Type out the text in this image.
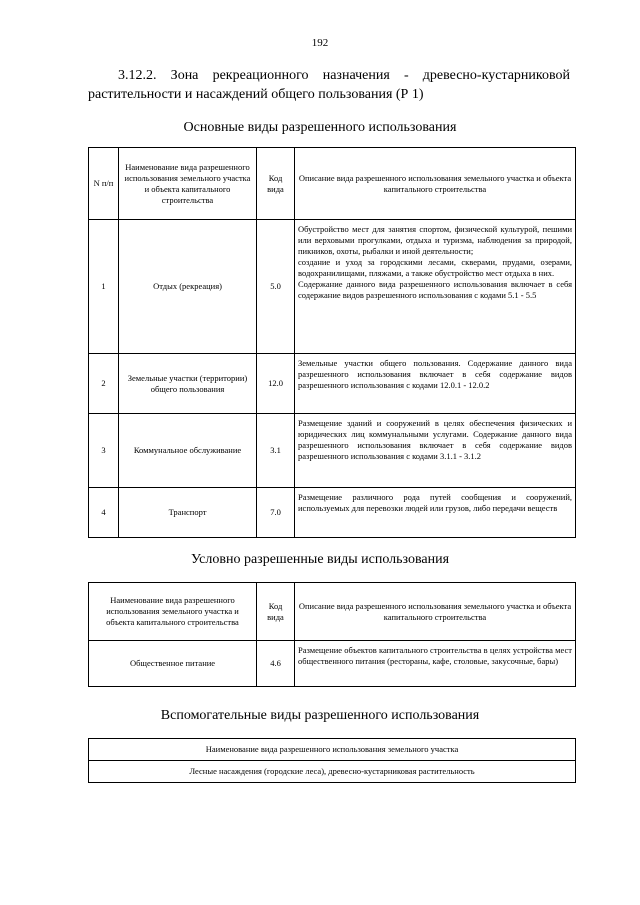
192
3.12.2. Зона рекреационного назначения - древесно-кустарниковой растительности и насаждений общего пользования (Р 1)
Основные виды разрешенного использования
N п/п	Наименование вида разрешенного использования земельного участка и объекта капитального строительства	Код вида	Описание вида разрешенного использования земельного участка и объекта капитального строительства
1	Отдых (рекреация)	5.0	Обустройство мест для занятия спортом, физической культурой, пешими или верховыми прогулками, отдыха и туризма, наблюдения за природой, пикников, охоты, рыбалки и иной деятельности;
создание и уход за городскими лесами, скверами, прудами, озерами, водохранилищами, пляжами, а также обустройство мест отдыха в них.
Содержание данного вида разрешенного использования включает в себя содержание видов разрешенного использования с кодами 5.1 - 5.5

2	Земельные участки (территории) общего пользования	12.0	Земельные участки общего пользования. Содержание данного вида разрешенного использования включает в себя содержание видов разрешенного использования с кодами 12.0.1 - 12.0.2
3	Коммунальное обслуживание	3.1	Размещение зданий и сооружений в целях обеспечения физических и юридических лиц коммунальными услугами. Содержание данного вида разрешенного использования включает в себя содержание видов разрешенного использования с кодами 3.1.1 - 3.1.2
4	Транспорт	7.0	Размещение различного рода путей сообщения и сооружений, используемых для перевозки людей или грузов, либо передачи веществ
Условно разрешенные виды использования
Наименование вида разрешенного использования земельного участка и объекта капитального строительства	Код вида	Описание вида разрешенного использования земельного участка и объекта капитального строительства
Общественное питание	4.6	Размещение объектов капитального строительства в целях устройства мест общественного питания (рестораны, кафе, столовые, закусочные, бары)
Вспомогательные виды разрешенного использования
Наименование вида разрешенного использования земельного участка
Лесные насаждения (городские леса), древесно-кустарниковая растительность
